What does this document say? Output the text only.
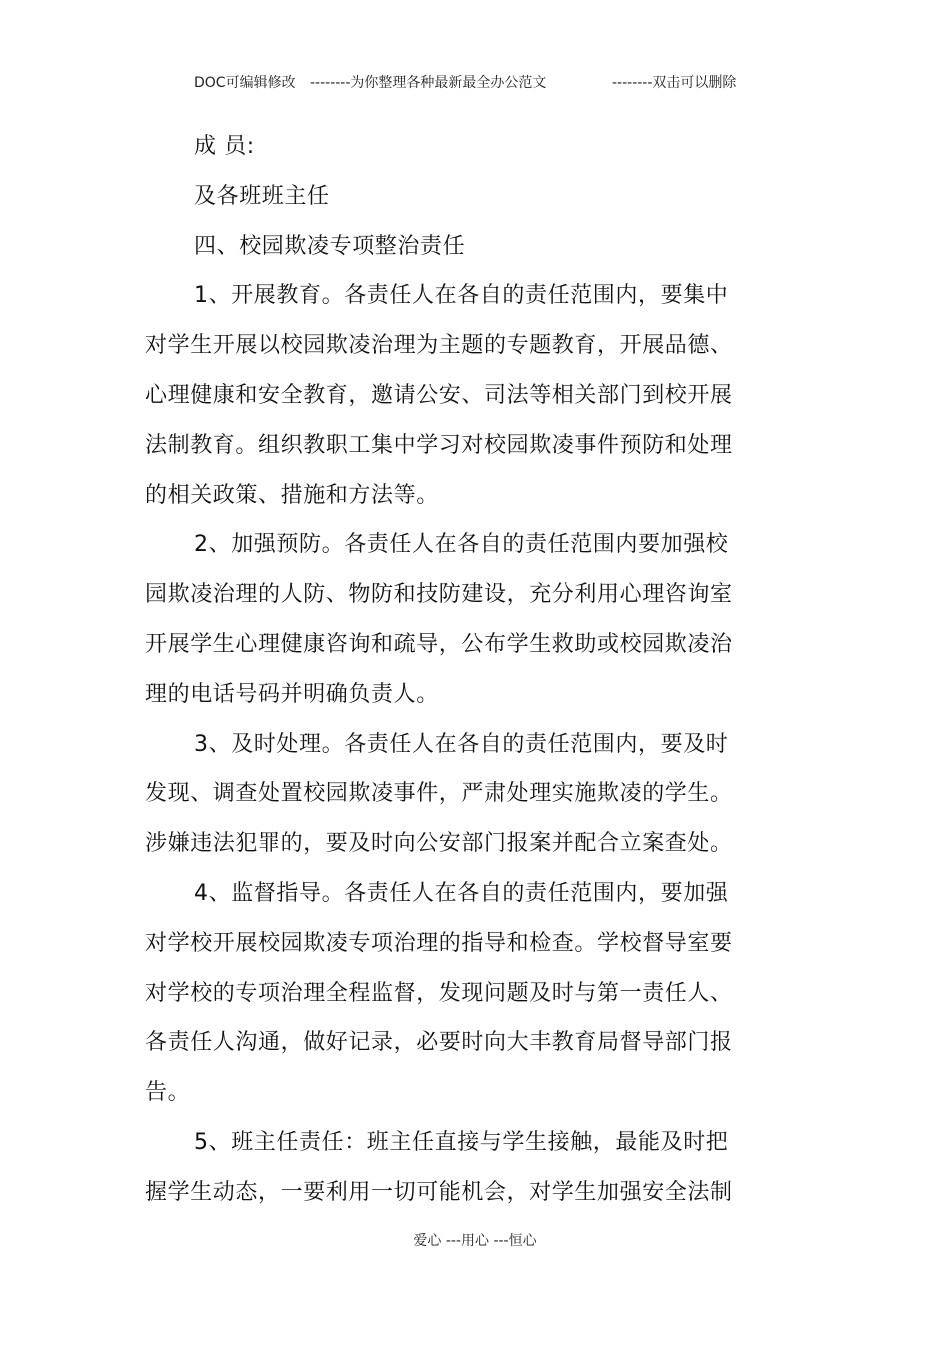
DOC可编辑修改 --------为你整理各种最新最全办公范文	--------双击可以删除
成 员:
及各班班主任
四、校园欺凌专项整治责任
1、开展教育。各责任人在各自的责任范围内，要集中
对学生开展以校园欺凌治理为主题的专题教育，开展品德、
心理健康和安全教育，邀请公安、司法等相关部门到校开展
法制教育。组织教职工集中学习对校园欺凌事件预防和处理
的相关政策、措施和方法等。
2、加强预防。各责任人在各自的责任范围内要加强校
园欺凌治理的人防、物防和技防建设，充分利用心理咨询室
开展学生心理健康咨询和疏导，公布学生救助或校园欺凌治
理的电话号码并明确负责人。
3、及时处理。各责任人在各自的责任范围内，要及时
发现、调查处置校园欺凌事件，严肃处理实施欺凌的学生。
涉嫌违法犯罪的，要及时向公安部门报案并配合立案查处。
4、监督指导。各责任人在各自的责任范围内，要加强
对学校开展校园欺凌专项治理的指导和检查。学校督导室要
对学校的专项治理全程监督，发现问题及时与第一责任人、
各责任人沟通，做好记录，必要时向大丰教育局督导部门报
告。
5、班主任责任：班主任直接与学生接触，最能及时把
握学生动态，一要利用一切可能机会，对学生加强安全法制
爱心 ---用心 ---恒心
